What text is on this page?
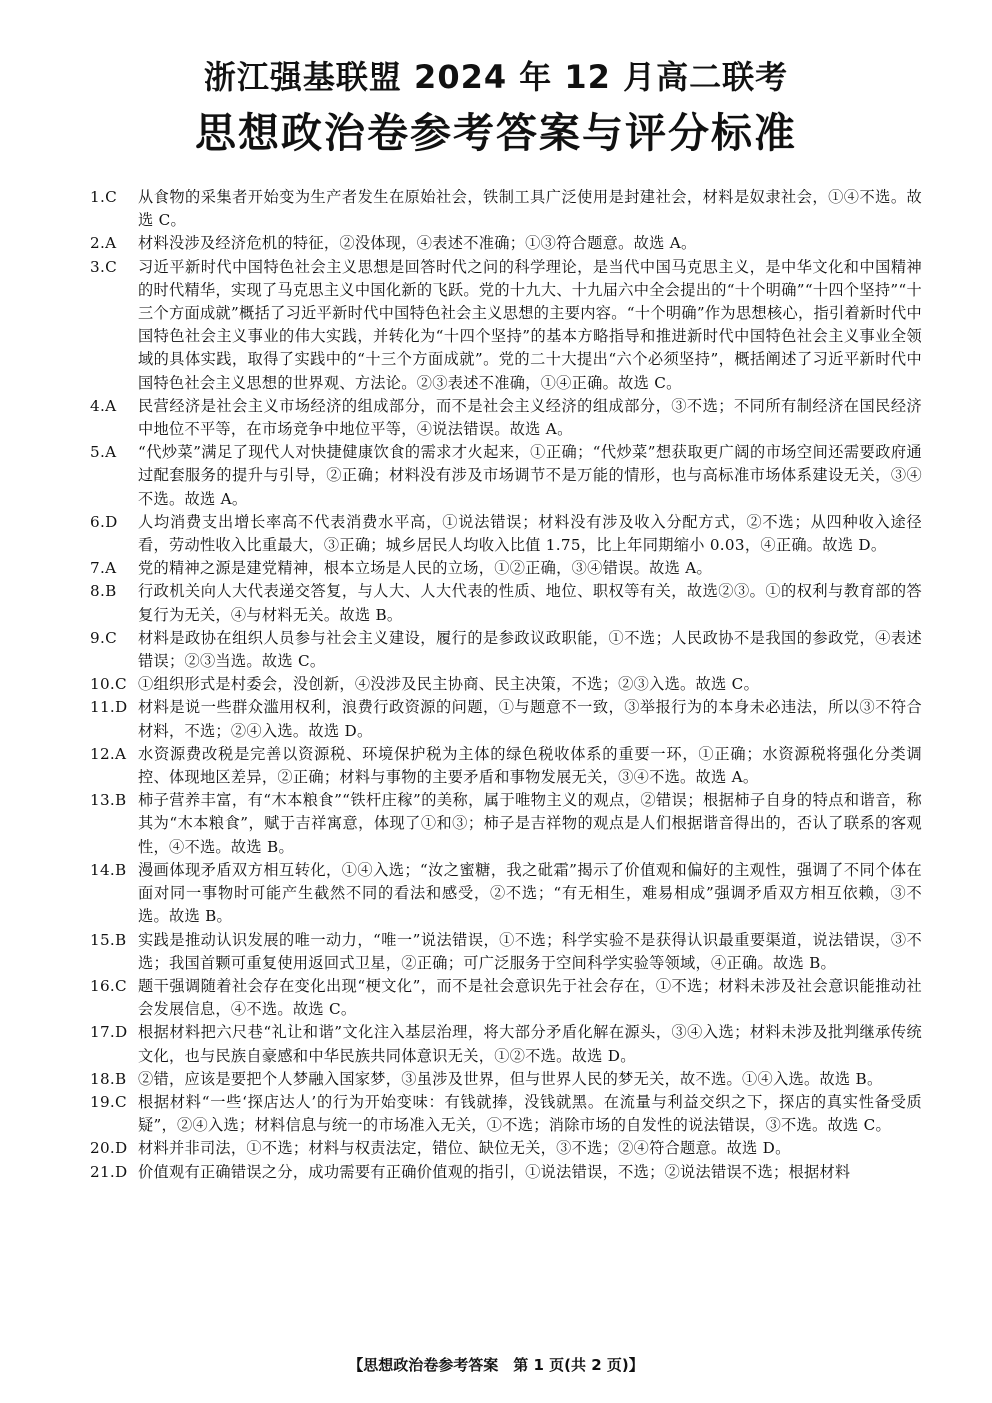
浙江强基联盟 2024 年 12 月高二联考
思想政治卷参考答案与评分标准
1.C	从食物的采集者开始变为生产者发生在原始社会，铁制工具广泛使用是封建社会，材料是奴隶社会，①④不选。故选 C。
2.A	材料没涉及经济危机的特征，②没体现，④表述不准确；①③符合题意。故选 A。
3.C	习近平新时代中国特色社会主义思想是回答时代之问的科学理论，是当代中国马克思主义，是中华文化和中国精神的时代精华，实现了马克思主义中国化新的飞跃。党的十九大、十九届六中全会提出的“十个明确”“十四个坚持”“十三个方面成就”概括了习近平新时代中国特色社会主义思想的主要内容。“十个明确”作为思想核心，指引着新时代中国特色社会主义事业的伟大实践，并转化为“十四个坚持”的基本方略指导和推进新时代中国特色社会主义事业全领域的具体实践，取得了实践中的“十三个方面成就”。党的二十大提出“六个必须坚持”，概括阐述了习近平新时代中国特色社会主义思想的世界观、方法论。②③表述不准确，①④正确。故选 C。
4.A	民营经济是社会主义市场经济的组成部分，而不是社会主义经济的组成部分，③不选；不同所有制经济在国民经济中地位不平等，在市场竞争中地位平等，④说法错误。故选 A。
5.A	“代炒菜”满足了现代人对快捷健康饮食的需求才火起来，①正确；“代炒菜”想获取更广阔的市场空间还需要政府通过配套服务的提升与引导，②正确；材料没有涉及市场调节不是万能的情形，也与高标准市场体系建设无关，③④不选。故选 A。
6.D	人均消费支出增长率高不代表消费水平高，①说法错误；材料没有涉及收入分配方式，②不选；从四种收入途径看，劳动性收入比重最大，③正确；城乡居民人均收入比值 1.75，比上年同期缩小 0.03，④正确。故选 D。
7.A	党的精神之源是建党精神，根本立场是人民的立场，①②正确，③④错误。故选 A。
8.B	行政机关向人大代表递交答复，与人大、人大代表的性质、地位、职权等有关，故选②③。①的权利与教育部的答复行为无关，④与材料无关。故选 B。
9.C	材料是政协在组织人员参与社会主义建设，履行的是参政议政职能，①不选；人民政协不是我国的参政党，④表述错误；②③当选。故选 C。
10.C ①组织形式是村委会，没创新，④没涉及民主协商、民主决策，不选；②③入选。故选 C。
11.D 材料是说一些群众滥用权利，浪费行政资源的问题，①与题意不一致，③举报行为的本身未必违法，所以③不符合材料，不选；②④入选。故选 D。
12.A 水资源费改税是完善以资源税、环境保护税为主体的绿色税收体系的重要一环，①正确；水资源税将强化分类调控、体现地区差异，②正确；材料与事物的主要矛盾和事物发展无关，③④不选。故选 A。
13.B 柿子营养丰富，有“木本粮食”“铁杆庄稼”的美称，属于唯物主义的观点，②错误；根据柿子自身的特点和谐音，称其为“木本粮食”，赋于吉祥寓意，体现了①和③；柿子是吉祥物的观点是人们根据谐音得出的，否认了联系的客观性，④不选。故选 B。
14.B 漫画体现矛盾双方相互转化，①④入选；“汝之蜜糖，我之砒霜”揭示了价值观和偏好的主观性，强调了不同个体在面对同一事物时可能产生截然不同的看法和感受，②不选；“有无相生，难易相成”强调矛盾双方相互依赖，③不选。故选 B。
15.B 实践是推动认识发展的唯一动力，“唯一”说法错误，①不选；科学实验不是获得认识最重要渠道，说法错误，③不选；我国首颗可重复使用返回式卫星，②正确；可广泛服务于空间科学实验等领域，④正确。故选 B。
16.C 题干强调随着社会存在变化出现“梗文化”，而不是社会意识先于社会存在，①不选；材料未涉及社会意识能推动社会发展信息，④不选。故选 C。
17.D 根据材料把六尺巷“礼让和谐”文化注入基层治理，将大部分矛盾化解在源头，③④入选；材料未涉及批判继承传统文化，也与民族自豪感和中华民族共同体意识无关，①②不选。故选 D。
18.B ②错，应该是要把个人梦融入国家梦，③虽涉及世界，但与世界人民的梦无关，故不选。①④入选。故选 B。
19.C 根据材料“一些‘探店达人’的行为开始变味：有钱就捧，没钱就黑。在流量与利益交织之下，探店的真实性备受质疑”，②④入选；材料信息与统一的市场准入无关，①不选；消除市场的自发性的说法错误，③不选。故选 C。
20.D 材料并非司法，①不选；材料与权责法定，错位、缺位无关，③不选；②④符合题意。故选 D。
21.D 价值观有正确错误之分，成功需要有正确价值观的指引，①说法错误，不选；②说法错误不选；根据材料
【思想政治卷参考答案　第 1 页(共 2 页)】
